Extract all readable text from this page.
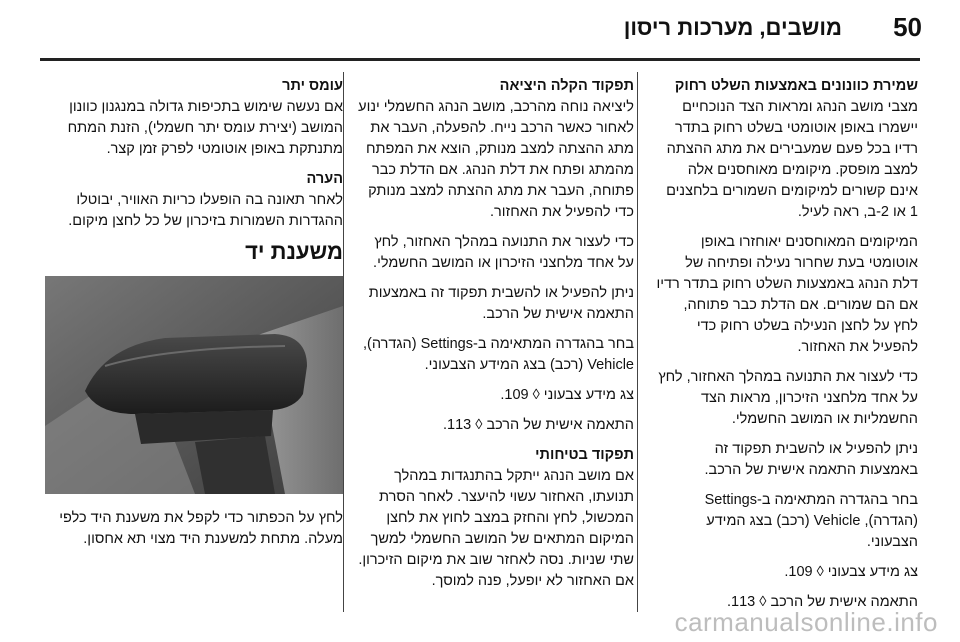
50
מושבים, מערכות ריסון
שמירת כוונונים באמצעות השלט רחוק

מצבי מושב הנהג ומראות הצד הנוכחיים יישמרו באופן אוטומטי בשלט רחוק בתדר רדיו בכל פעם שמעבירים את מתג ההצתה למצב מופסק. מיקומים מאוחסנים אלה אינם קשורים למיקומים השמורים בלחצנים 1 או 2-ב, ראה לעיל.

המיקומים המאוחסנים יאוחזרו באופן אוטומטי בעת שחרור נעילה ופתיחה של דלת הנהג באמצעות השלט רחוק בתדר רדיו אם הם שמורים. אם הדלת כבר פתוחה, לחץ על לחצן הנעילה בשלט רחוק כדי להפעיל את האחזור.

כדי לעצור את התנועה במהלך האחזור, לחץ על אחד מלחצני הזיכרון, מראות הצד החשמליות או המושב החשמלי.

ניתן להפעיל או להשבית תפקוד זה באמצעות התאמה אישית של הרכב.

בחר בהגדרה המתאימה ב-Settings (הגדרה), Vehicle (רכב) בצג המידע הצבעוני.

צג מידע צבעוני ◊ 109.

התאמה אישית של הרכב ◊ 113.

תפקוד הקלה היציאה

ליציאה נוחה מהרכב, מושב הנהג החשמלי ינוע לאחור כאשר הרכב נייח. להפעלה, העבר את מתג ההצתה למצב מנותק, הוצא את המפתח מהמתג ופתח את דלת הנהג. אם הדלת כבר פתוחה, העבר את מתג ההצתה למצב מנותק כדי להפעיל את האחזור.

כדי לעצור את התנועה במהלך האחזור, לחץ על אחד מלחצני הזיכרון או המושב החשמלי.

ניתן להפעיל או להשבית תפקוד זה באמצעות התאמה אישית של הרכב.

בחר בהגדרה המתאימה ב-Settings (הגדרה), Vehicle (רכב) בצג המידע הצבעוני.

צג מידע צבעוני ◊ 109.

התאמה אישית של הרכב ◊ 113.

תפקוד בטיחותי

אם מושב הנהג ייתקל בהתנגדות במהלך תנועתו, האחזור עשוי להיעצר. לאחר הסרת המכשול, לחץ והחזק במצב לחוץ את לחצן המיקום המתאים של המושב החשמלי למשך שתי שניות. נסה לאחזר שוב את מיקום הזיכרון. אם האחזור לא יופעל, פנה למוסך.

עומס יתר

אם נעשה שימוש בתכיפות גדולה במנגנון כוונון המושב (יצירת עומס יתר חשמלי), הזנת המתח מתנתקת באופן אוטומטי לפרק זמן קצר.

הערה

לאחר תאונה בה הופעלו כריות האוויר, יבוטלו ההגדרות השמורות בזיכרון של כל לחצן מיקום.

משענת יד

לחץ על הכפתור כדי לקפל את משענת היד כלפי מעלה. מתחת למשענת היד מצוי תא אחסון.

carmanualsonline.info
